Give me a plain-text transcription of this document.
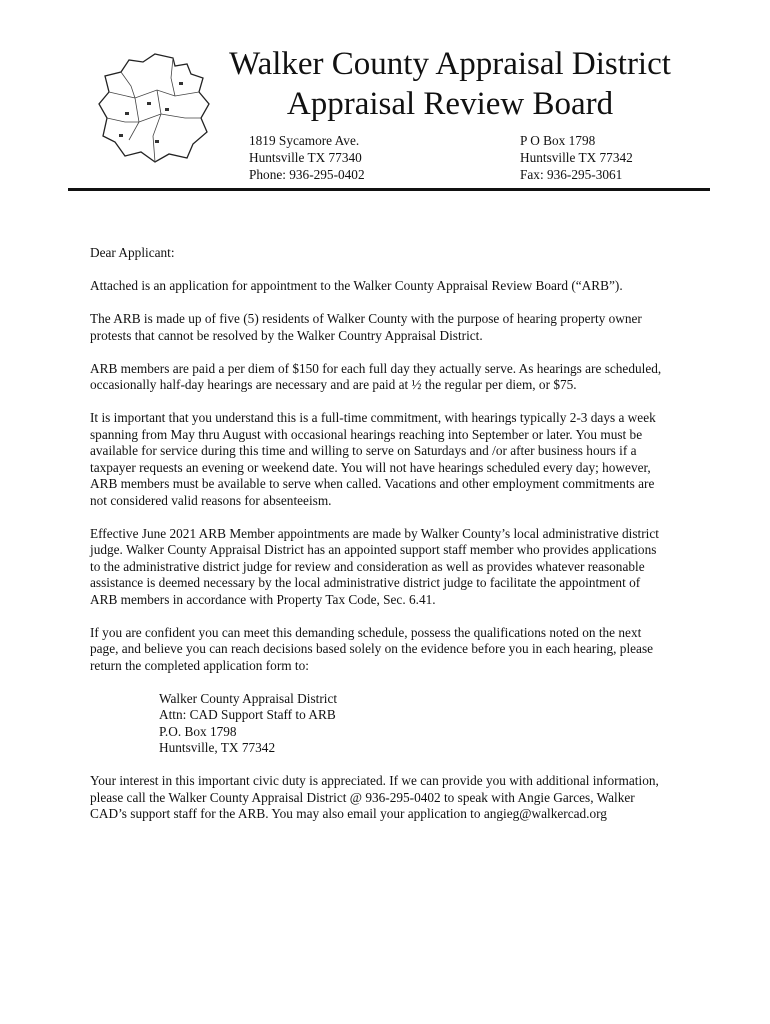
Walker County Appraisal District
Appraisal Review Board
1819 Sycamore Ave.
Huntsville TX 77340
Phone: 936-295-0402
P O Box 1798
Huntsville TX 77342
Fax: 936-295-3061

Dear Applicant:

Attached is an application for appointment to the Walker County Appraisal Review Board (“ARB”).

The ARB is made up of five (5) residents of Walker County with the purpose of hearing property owner protests that cannot be resolved by the Walker Country Appraisal District.

ARB members are paid a per diem of $150 for each full day they actually serve. As hearings are scheduled, occasionally half-day hearings are necessary and are paid at ½ the regular per diem, or $75.

It is important that you understand this is a full-time commitment, with hearings typically 2-3 days a week spanning from May thru August with occasional hearings reaching into September or later. You must be available for service during this time and willing to serve on Saturdays and /or after business hours if a taxpayer requests an evening or weekend date. You will not have hearings scheduled every day; however, ARB members must be available to serve when called. Vacations and other employment commitments are not considered valid reasons for absenteeism.

Effective June 2021 ARB Member appointments are made by Walker County’s local administrative district judge. Walker County Appraisal District has an appointed support staff member who provides applications to the administrative district judge for review and consideration as well as provides whatever reasonable assistance is deemed necessary by the local administrative district judge to facilitate the appointment of ARB members in accordance with Property Tax Code, Sec. 6.41.

If you are confident you can meet this demanding schedule, possess the qualifications noted on the next page, and believe you can reach decisions based solely on the evidence before you in each hearing, please return the completed application form to:

Walker County Appraisal District
Attn: CAD Support Staff to ARB
P.O. Box 1798
Huntsville, TX 77342

Your interest in this important civic duty is appreciated. If we can provide you with additional information, please call the Walker County Appraisal District @ 936-295-0402 to speak with Angie Garces, Walker CAD’s support staff for the ARB. You may also email your application to angieg@walkercad.org
